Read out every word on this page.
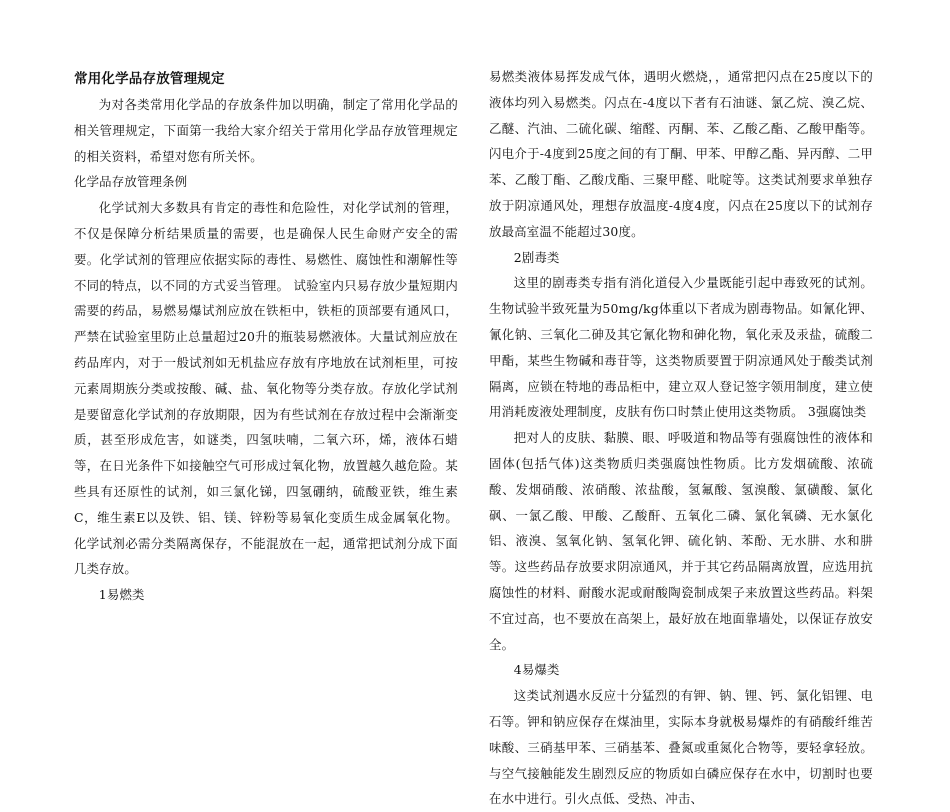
常用化学品存放管理规定

为对各类常用化学品的存放条件加以明确，制定了常用化学品的相关管理规定，下面第一我给大家介绍关于常用化学品存放管理规定的相关资料，希望对您有所关怀。

化学品存放管理条例

化学试剂大多数具有肯定的毒性和危险性，对化学试剂的管理，不仅是保障分析结果质量的需要，也是确保人民生命财产安全的需要。化学试剂的管理应依据实际的毒性、易燃性、腐蚀性和潮解性等不同的特点，以不同的方式妥当管理。 试验室内只易存放少量短期内需要的药品，易燃易爆试剂应放在铁柜中，铁柜的顶部要有通风口，严禁在试验室里防止总量超过20升的瓶装易燃液体。大量试剂应放在药品库内，对于一般试剂如无机盐应存放有序地放在试剂柜里，可按元素周期族分类或按酸、碱、盐、氧化物等分类存放。存放化学试剂是要留意化学试剂的存放期限，因为有些试剂在存放过程中会渐渐变质，甚至形成危害，如谜类，四氢呋喃，二氧六环，烯，液体石蜡等，在日光条件下如接触空气可形成过氧化物，放置越久越危险。某些具有还原性的试剂，如三氯化锑，四氢硼纳，硫酸亚铁，维生素C，维生素E以及铁、铝、镁、锌粉等易氧化变质生成金属氧化物。化学试剂必需分类隔离保存，不能混放在一起，通常把试剂分成下面几类存放。

1易燃类

易燃类液体易挥发成气体，遇明火燃烧，，通常把闪点在25度以下的液体均列入易燃类。闪点在-4度以下者有石油谜、氯乙烷、溴乙烷、乙醚、汽油、二硫化碳、缩醛、丙酮、苯、乙酸乙酯、乙酸甲酯等。闪电介于-4度到25度之间的有丁酮、甲苯、甲醇乙酯、异丙醇、二甲苯、乙酸丁酯、乙酸戊酯、三聚甲醛、吡啶等。这类试剂要求单独存放于阴凉通风处，理想存放温度-4度4度，闪点在25度以下的试剂存放最高室温不能超过30度。

2剧毒类

这里的剧毒类专指有消化道侵入少量既能引起中毒致死的试剂。生物试验半致死量为50mg/kg体重以下者成为剧毒物品。如氰化钾、氰化钠、三氧化二砷及其它氰化物和砷化物，氧化汞及汞盐，硫酸二甲酯，某些生物碱和毒苷等，这类物质要置于阴凉通风处于酸类试剂隔离，应锁在特地的毒品柜中，建立双人登记签字领用制度，建立使用消耗废液处理制度，皮肤有伤口时禁止使用这类物质。 3强腐蚀类

把对人的皮肤、黏膜、眼、呼吸道和物品等有强腐蚀性的液体和固体(包括气体)这类物质归类强腐蚀性物质。比方发烟硫酸、浓硫酸、发烟硝酸、浓硝酸、浓盐酸，氢氟酸、氢溴酸、氯磺酸、氯化砜、一氯乙酸、甲酸、乙酸酐、五氧化二磷、氯化氧磷、无水氯化铝、液溴、氢氧化钠、氢氧化钾、硫化钠、苯酚、无水肼、水和肼等。这些药品存放要求阴凉通风，并于其它药品隔离放置，应选用抗腐蚀性的材料、耐酸水泥或耐酸陶瓷制成架子来放置这些药品。料架不宜过高，也不要放在高架上，最好放在地面靠墙处，以保证存放安全。

4易爆类

这类试剂遇水反应十分猛烈的有钾、钠、锂、钙、氯化铝锂、电石等。钾和钠应保存在煤油里，实际本身就极易爆炸的有硝酸纤维苦味酸、三硝基甲苯、三硝基苯、叠氮或重氮化合物等，要轻拿轻放。与空气接触能发生剧烈反应的物质如白磷应保存在水中，切割时也要在水中进行。引火点低、受热、冲击、
